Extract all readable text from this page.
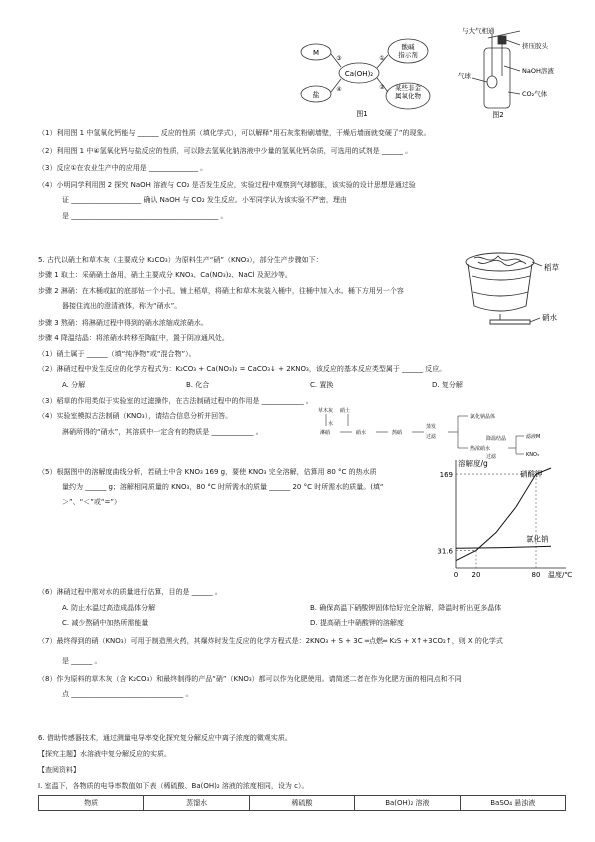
M
盐
Ca(OH)₂
酸碱
指示剂
某些非金
属氧化物
①
②
③
④
图1
与大气相通
挤压胶头
NaOH溶液
气球
CO₂气体
图2
（1）利用图 1 中氢氧化钙能与 ______ 反应的性质（填化学式），可以解释“用石灰浆粉刷墙壁，干燥后墙面就变硬了”的现象。
（2）利用图 1 中④氢氧化钙与盐反应的性质，可以除去氢氧化钠溶液中少量的氢氧化钙杂质，可选用的试剂是 ______ 。
（3）反应①在农业生产中的应用是 ______________ 。
（4）小明同学利用图 2 探究 NaOH 溶液与 CO₂ 是否发生反应，实验过程中观察到气球膨胀，该实验的设计思想是通过验
证 ____________________ 确认 NaOH 与 CO₂ 发生反应。小军同学认为该实验不严密，理由
是 __________________________________________ 。
5. 古代以硝土和草木灰（主要成分 K₂CO₃）为原料生产“硝”（KNO₃），部分生产步骤如下：
步骤 1 取土：采硝硝土备用，硝土主要成分 KNO₃、Ca(NO₃)₂、NaCl 及泥沙等。
步骤 2 淋硝：在木桶或缸的底部钻一个小孔，铺上稻草，将硝土和草木灰装入桶中，往桶中加入水。桶下方用另一个容
器接住流出的澄清液体，称为“硝水”。
步骤 3 熬硝：将淋硝过程中得到的硝水浓缩成浓硝水。
步骤 4 降温结晶：将浓硝水转移至陶缸中，置于阴凉通风处。
稻草
硝水
（1）硝土属于 ______（填“纯净物”或“混合物”）。
（2）淋硝过程中发生反应的化学方程式为：K₂CO₃ + Ca(NO₃)₂ = CaCO₃↓ + 2KNO₃，该反应的基本反应类型属于 ______ 反应。
A. 分解	B. 化合	C. 置换	D. 复分解
（3）稻草的作用类似于实验室的过滤操作，在古法制硝过程中的作用是 ____________ 。
（4）实验室模拟古法制硝（KNO₃），请结合信息分析并回答。
淋硝所得的“硝水”，其溶质中一定含有的物质是 ____________ 。
草木灰 硝土
水
淋硝	硝水	熬硝
蒸发
过滤
氯化钠晶体
热浓硝水
降温结晶
过滤
滤液M
KNO₃
（5）根据图中的溶解度曲线分析，若硝土中含 KNO₃ 169 g，要使 KNO₃ 完全溶解，估算用 80 °C 的热水质
量约为 ______ g；溶解相同质量的 KNO₃，80 °C 时所需水的质量 ______ 20 °C 时所需水的质量。(填“
＞”、“＜”或“=”）
溶解度/g
温度/℃
169
31.6
0 20	80
硝酸钾
氯化钠
（6）淋硝过程中需对水的质量进行估算，目的是 ______ 。
A. 防止水温过高造成晶体分解	B. 确保高温下硝酸钾固体恰好完全溶解，降温时析出更多晶体
C. 减少熬硝中加热所需能量	D. 提高硝土中硝酸钾的溶解度
（7）最终得到的硝（KNO₃）可用于制造黑火药，其爆炸时发生反应的化学方程式是：2KNO₃ + S + 3C ═点燃═ K₂S + X↑+3CO₂↑，则 X 的化学式
是 ______ 。
（8）作为原料的草木灰（含 K₂CO₃）和最终制得的产品“硝”（KNO₃）都可以作为化肥使用。请简述二者在作为化肥方面的相同点和不同
点 ________________________________ 。
6. 借助传感器技术，通过测量电导率变化探究复分解反应中离子浓度的微观实质。
【探究主题】水溶液中复分解反应的实质。
【查阅资料】
Ⅰ. 室温下，各物质的电导率数值如下表（稀硫酸、Ba(OH)₂ 溶液的浓度相同，设为 c）。
物质	蒸馏水	稀硫酸	Ba(OH)₂ 溶液	BaSO₄ 悬浊液
